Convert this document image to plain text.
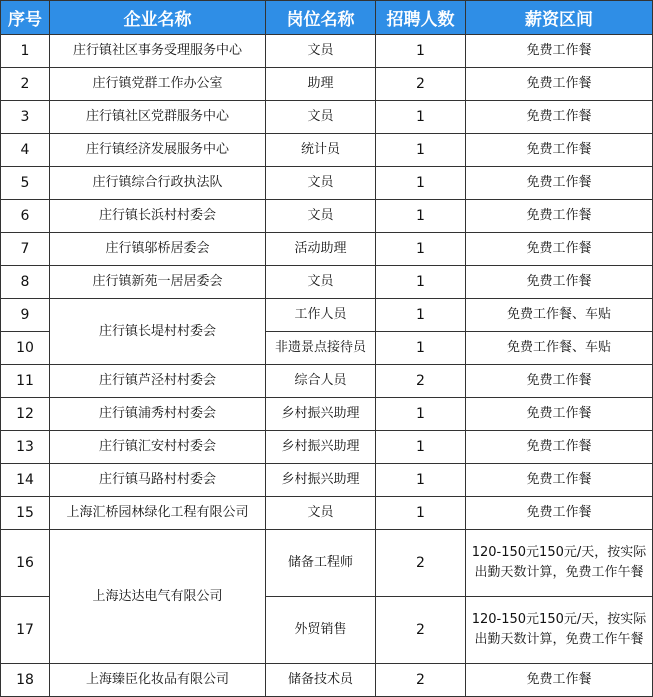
序号	企业名称	岗位名称	招聘人数	薪资区间
1	庄行镇社区事务受理服务中心	文员	1	免费工作餐
2	庄行镇党群工作办公室	助理	2	免费工作餐
3	庄行镇社区党群服务中心	文员	1	免费工作餐
4	庄行镇经济发展服务中心	统计员	1	免费工作餐
5	庄行镇综合行政执法队	文员	1	免费工作餐
6	庄行镇长浜村村委会	文员	1	免费工作餐
7	庄行镇邬桥居委会	活动助理	1	免费工作餐
8	庄行镇新苑一居居委会	文员	1	免费工作餐
9	庄行镇长堤村村委会	工作人员	1	免费工作餐、车贴
10		非遗景点接待员	1	免费工作餐、车贴
11	庄行镇芦泾村村委会	综合人员	2	免费工作餐
12	庄行镇浦秀村村委会	乡村振兴助理	1	免费工作餐
13	庄行镇汇安村村委会	乡村振兴助理	1	免费工作餐
14	庄行镇马路村村委会	乡村振兴助理	1	免费工作餐
15	上海汇桥园林绿化工程有限公司	文员	1	免费工作餐
16	上海达达电气有限公司	储备工程师	2	120-150元150元/天，按实际出勤天数计算，免费工作午餐
17		外贸销售	2	120-150元150元/天，按实际出勤天数计算，免费工作午餐
18	上海臻臣化妆品有限公司	储备技术员	2	免费工作餐
